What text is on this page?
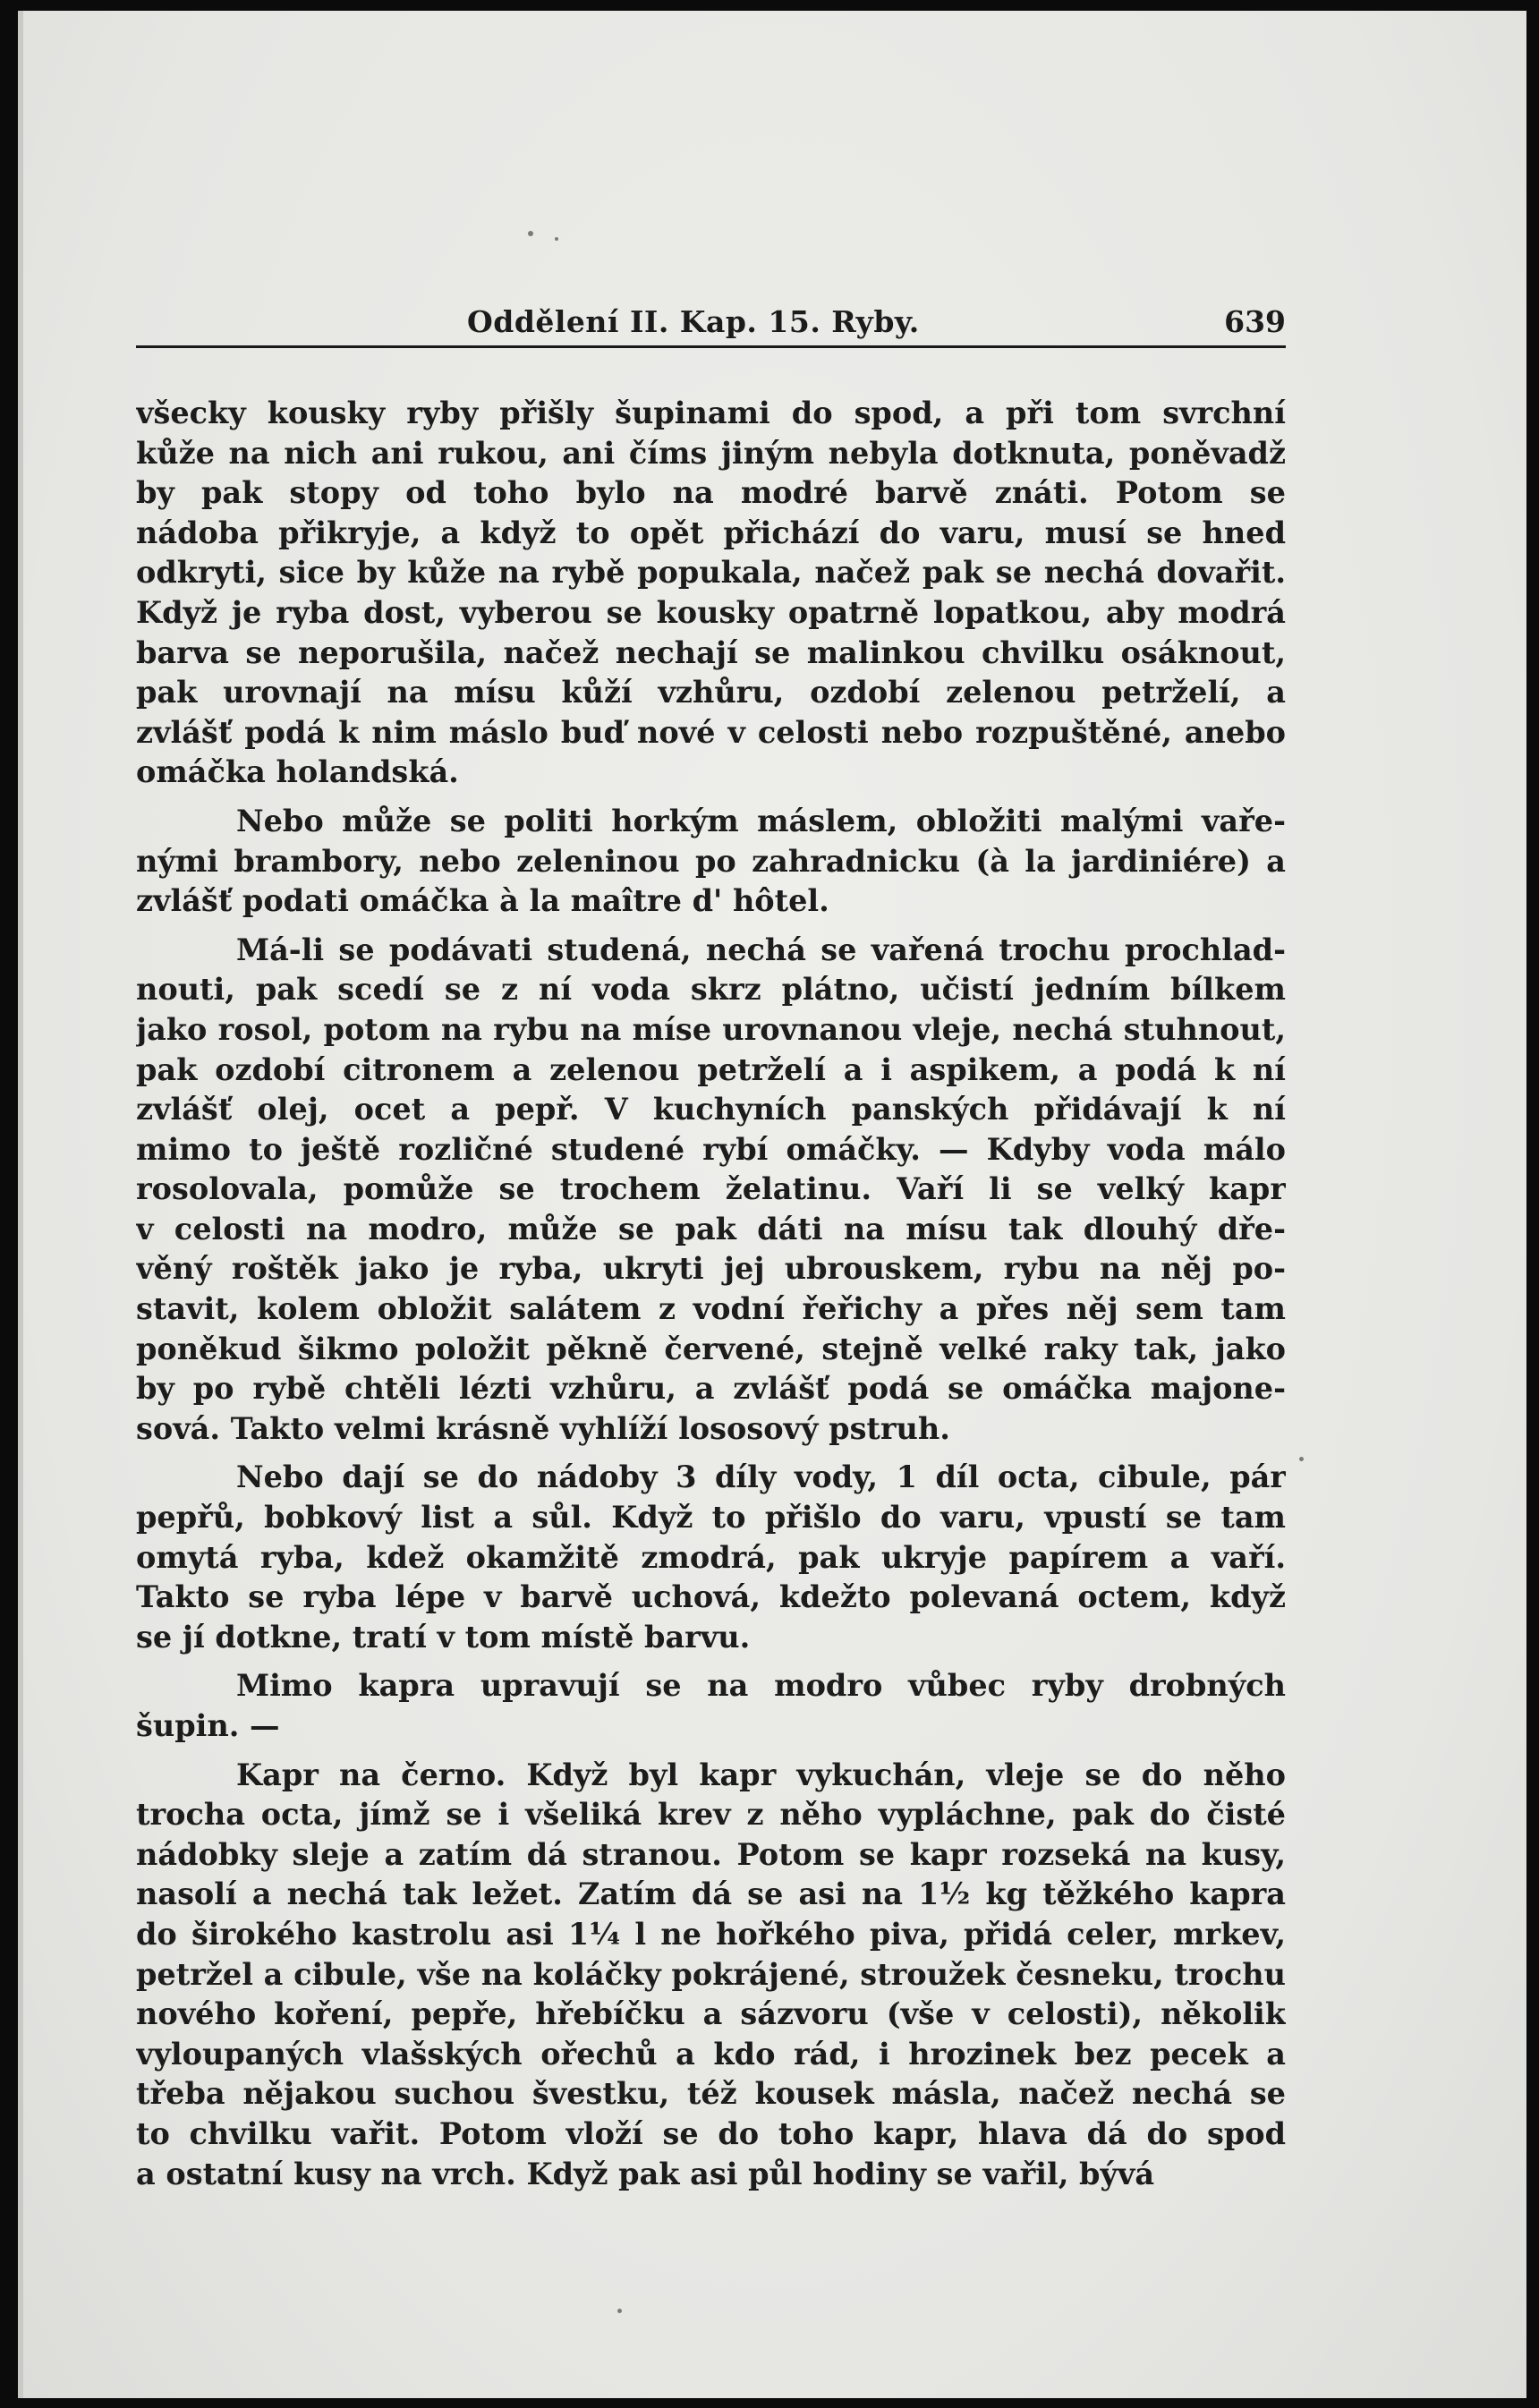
Oddělení II. Kap. 15. Ryby.	639
všecky kousky ryby přišly šupinami do spod, a při tom svrchní
kůže na nich ani rukou, ani číms jiným nebyla dotknuta, poněvadž
by pak stopy od toho bylo na modré barvě znáti. Potom se
nádoba přikryje, a když to opět přichází do varu, musí se hned
odkryti, sice by kůže na rybě popukala, načež pak se nechá dovařit.
Když je ryba dost, vyberou se kousky opatrně lopatkou, aby modrá
barva se neporušila, načež nechají se malinkou chvilku osáknout,
pak urovnají na mísu kůží vzhůru, ozdobí zelenou petrželí, a
zvlášť podá k nim máslo buď nové v celosti nebo rozpuštěné, anebo
omáčka holandská.
Nebo může se politi horkým máslem, obložiti malými vaře-
nými brambory, nebo zeleninou po zahradnicku (à la jardiniére) a
zvlášť podati omáčka à la maître d' hôtel.
Má-li se podávati studená, nechá se vařená trochu prochlad-
nouti, pak scedí se z ní voda skrz plátno, učistí jedním bílkem
jako rosol, potom na rybu na míse urovnanou vleje, nechá stuhnout,
pak ozdobí citronem a zelenou petrželí a i aspikem, a podá k ní
zvlášť olej, ocet a pepř. V kuchyních panských přidávají k ní
mimo to ještě rozličné studené rybí omáčky. — Kdyby voda málo
rosolovala, pomůže se trochem želatinu. Vaří li se velký kapr
v celosti na modro, může se pak dáti na mísu tak dlouhý dře-
věný roštěk jako je ryba, ukryti jej ubrouskem, rybu na něj po-
stavit, kolem obložit salátem z vodní řeřichy a přes něj sem tam
poněkud šikmo položit pěkně červené, stejně velké raky tak, jako
by po rybě chtěli lézti vzhůru, a zvlášť podá se omáčka majone-
sová. Takto velmi krásně vyhlíží lososový pstruh.
Nebo dají se do nádoby 3 díly vody, 1 díl octa, cibule, pár
pepřů, bobkový list a sůl. Když to přišlo do varu, vpustí se tam
omytá ryba, kdež okamžitě zmodrá, pak ukryje papírem a vaří.
Takto se ryba lépe v barvě uchová, kdežto polevaná octem, když
se jí dotkne, tratí v tom místě barvu.
Mimo kapra upravují se na modro vůbec ryby drobných
šupin. —
Kapr na černo. Když byl kapr vykuchán, vleje se do něho
trocha octa, jímž se i všeliká krev z něho vypláchne, pak do čisté
nádobky sleje a zatím dá stranou. Potom se kapr rozseká na kusy,
nasolí a nechá tak ležet. Zatím dá se asi na 1½ kg těžkého kapra
do širokého kastrolu asi 1¼ l ne hořkého piva, přidá celer, mrkev,
petržel a cibule, vše na koláčky pokrájené, stroužek česneku, trochu
nového koření, pepře, hřebíčku a sázvoru (vše v celosti), několik
vyloupaných vlašských ořechů a kdo rád, i hrozinek bez pecek a
třeba nějakou suchou švestku, též kousek másla, načež nechá se
to chvilku vařit. Potom vloží se do toho kapr, hlava dá do spod
a ostatní kusy na vrch. Když pak asi půl hodiny se vařil, bývá
